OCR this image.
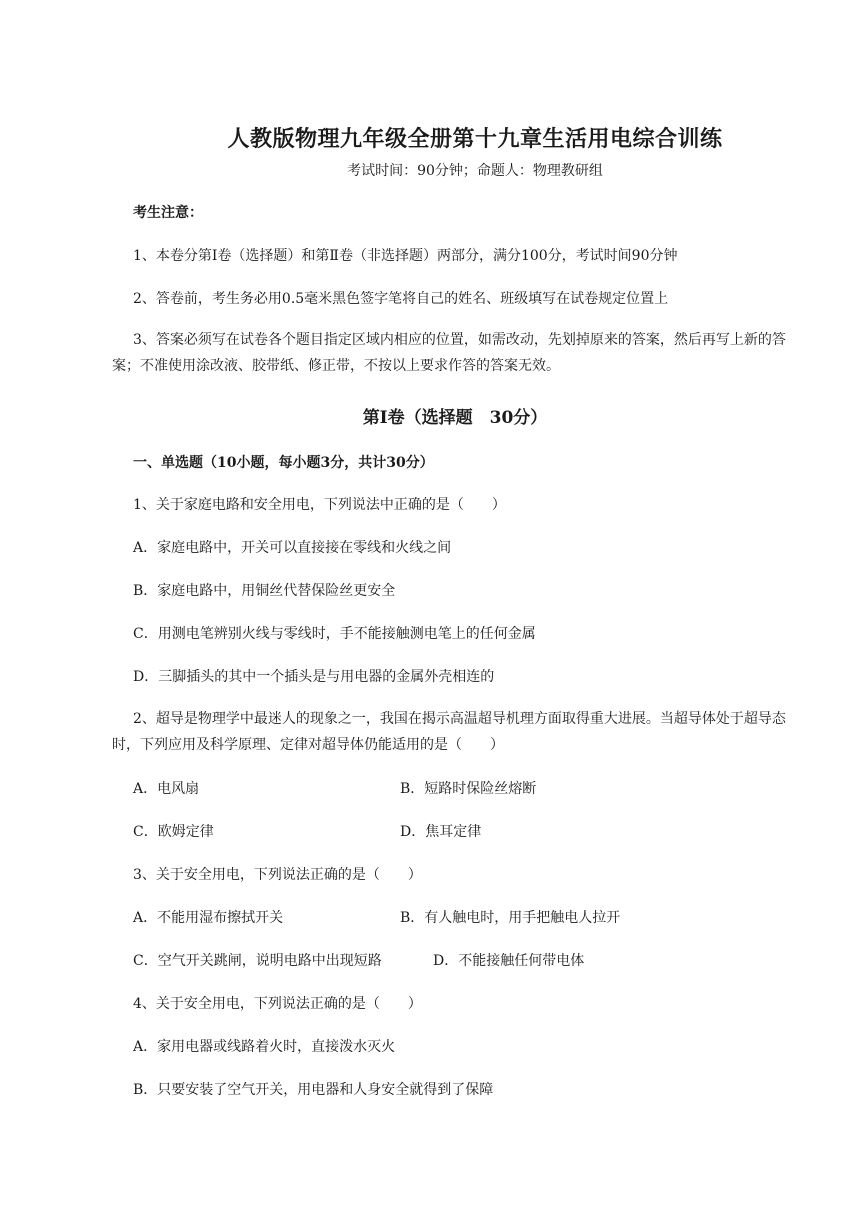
人教版物理九年级全册第十九章生活用电综合训练
考试时间：90分钟；命题人：物理教研组
考生注意：
1、本卷分第Ⅰ卷（选择题）和第Ⅱ卷（非选择题）两部分，满分100分，考试时间90分钟
2、答卷前，考生务必用0.5毫米黑色签字笔将自己的姓名、班级填写在试卷规定位置上
3、答案必须写在试卷各个题目指定区域内相应的位置，如需改动，先划掉原来的答案，然后再写上新的答案；不准使用涂改液、胶带纸、修正带，不按以上要求作答的答案无效。
第Ⅰ卷（选择题　30分）
一、单选题（10小题，每小题3分，共计30分）
1、关于家庭电路和安全用电，下列说法中正确的是（　　）
A．家庭电路中，开关可以直接接在零线和火线之间
B．家庭电路中，用铜丝代替保险丝更安全
C．用测电笔辨别火线与零线时，手不能接触测电笔上的任何金属
D．三脚插头的其中一个插头是与用电器的金属外壳相连的
2、超导是物理学中最迷人的现象之一，我国在揭示高温超导机理方面取得重大进展。当超导体处于超导态时，下列应用及科学原理、定律对超导体仍能适用的是（　　）
A．电风扇	B．短路时保险丝熔断
C．欧姆定律	D．焦耳定律
3、关于安全用电，下列说法正确的是（　　）
A．不能用湿布擦拭开关	B．有人触电时，用手把触电人拉开
C．空气开关跳闸，说明电路中出现短路	D．不能接触任何带电体
4、关于安全用电，下列说法正确的是（　　）
A．家用电器或线路着火时，直接泼水灭火
B．只要安装了空气开关，用电器和人身安全就得到了保障
